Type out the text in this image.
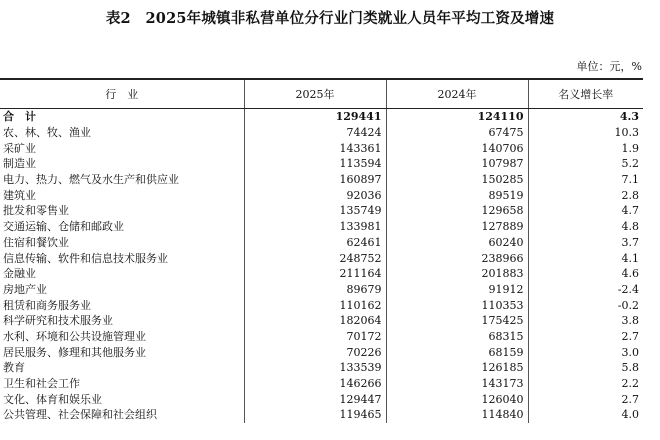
表2　2025年城镇非私营单位分行业门类就业人员年平均工资及增速
单位：元，%
行　业	2025年	2024年	名义增长率
合　计	129441	124110	4.3
农、林、牧、渔业	74424	67475	10.3
采矿业	143361	140706	1.9
制造业	113594	107987	5.2
电力、热力、燃气及水生产和供应业	160897	150285	7.1
建筑业	92036	89519	2.8
批发和零售业	135749	129658	4.7
交通运输、仓储和邮政业	133981	127889	4.8
住宿和餐饮业	62461	60240	3.7
信息传输、软件和信息技术服务业	248752	238966	4.1
金融业	211164	201883	4.6
房地产业	89679	91912	-2.4
租赁和商务服务业	110162	110353	-0.2
科学研究和技术服务业	182064	175425	3.8
水利、环境和公共设施管理业	70172	68315	2.7
居民服务、修理和其他服务业	70226	68159	3.0
教育	133539	126185	5.8
卫生和社会工作	146266	143173	2.2
文化、体育和娱乐业	129447	126040	2.7
公共管理、社会保障和社会组织	119465	114840	4.0
